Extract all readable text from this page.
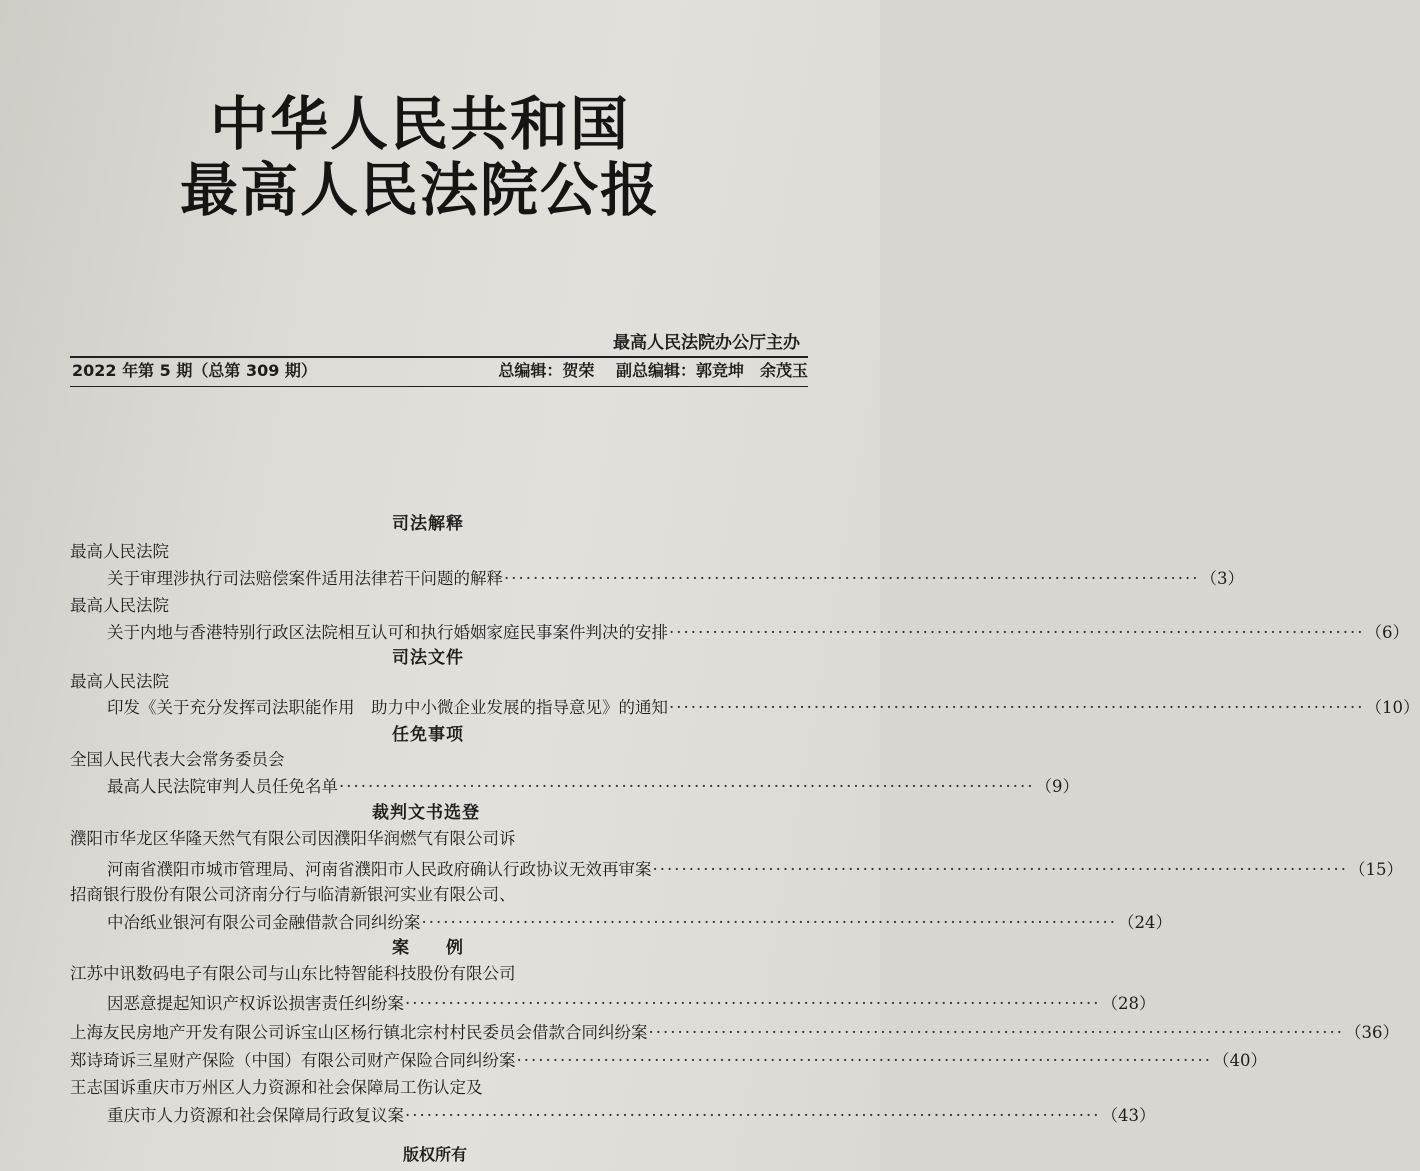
中华人民共和国
最高人民法院公报
最高人民法院办公厅主办
2022 年第 5 期（总第 309 期）	总编辑：贺荣 副总编辑：郭竞坤　余茂玉
司法解释
最高人民法院
关于审理涉执行司法赔偿案件适用法律若干问题的解释 ································································································ （3）
最高人民法院
关于内地与香港特别行政区法院相互认可和执行婚姻家庭民事案件判决的安排 ································································································ （6）
司法文件
最高人民法院
印发《关于充分发挥司法职能作用　助力中小微企业发展的指导意见》的通知 ································································································ （10）
任免事项
全国人民代表大会常务委员会
最高人民法院审判人员任免名单 ································································································ （9）
裁判文书选登
濮阳市华龙区华隆天然气有限公司因濮阳华润燃气有限公司诉
河南省濮阳市城市管理局、河南省濮阳市人民政府确认行政协议无效再审案 ································································································ （15）
招商银行股份有限公司济南分行与临清新银河实业有限公司、
中冶纸业银河有限公司金融借款合同纠纷案 ································································································ （24）
案　　例
江苏中讯数码电子有限公司与山东比特智能科技股份有限公司
因恶意提起知识产权诉讼损害责任纠纷案 ································································································ （28）
上海友民房地产开发有限公司诉宝山区杨行镇北宗村村民委员会借款合同纠纷案 ································································································ （36）
郑诗琦诉三星财产保险（中国）有限公司财产保险合同纠纷案 ································································································ （40）
王志国诉重庆市万州区人力资源和社会保障局工伤认定及
重庆市人力资源和社会保障局行政复议案 ································································································ （43）
版权所有
